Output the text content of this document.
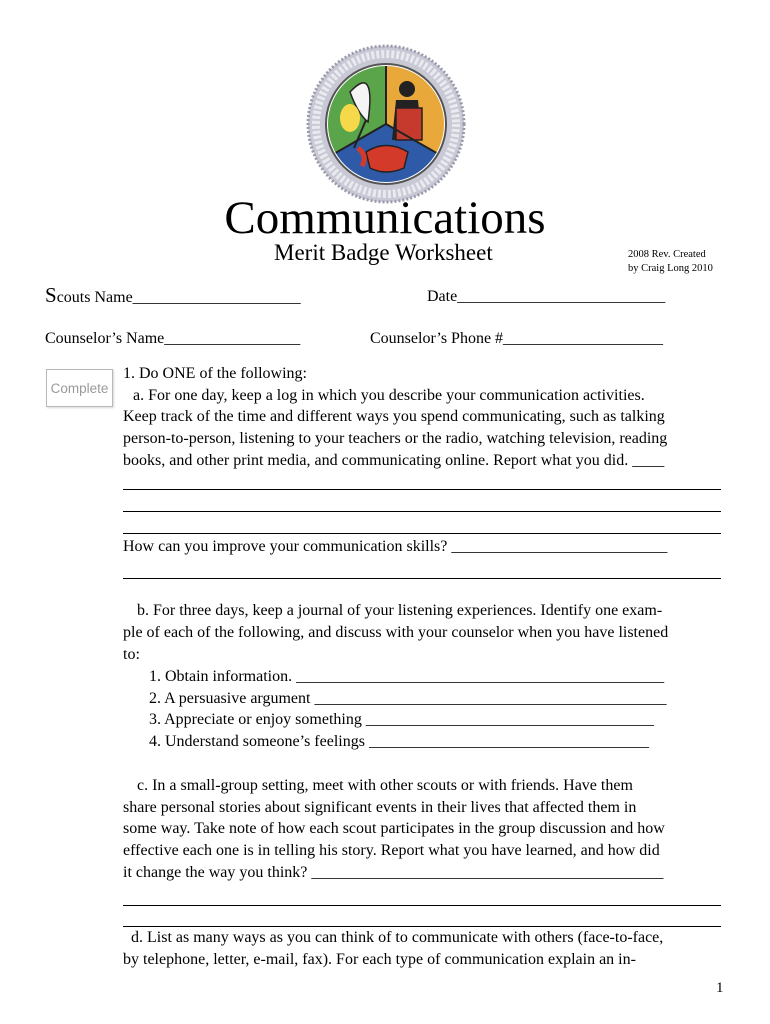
Communications
Merit Badge Worksheet	2008 Rev. Created
by Craig Long 2010
Scouts Name_____________________	Date__________________________
Counselor’s Name_________________	Counselor’s Phone #____________________
Complete
1. Do ONE of the following:
a. For one day, keep a log in which you describe your communication activities.
Keep track of the time and different ways you spend communicating, such as talking
person-to-person, listening to your teachers or the radio, watching television, reading
books, and other print media, and communicating online. Report what you did. ____
How can you improve your communication skills? ___________________________
b. For three days, keep a journal of your listening experiences. Identify one exam-
ple of each of the following, and discuss with your counselor when you have listened
to:
1. Obtain information. ______________________________________________
2. A persuasive argument ____________________________________________
3. Appreciate or enjoy something ____________________________________
4. Understand someone’s feelings ___________________________________
c. In a small-group setting, meet with other scouts or with friends. Have them
share personal stories about significant events in their lives that affected them in
some way. Take note of how each scout participates in the group discussion and how
effective each one is in telling his story. Report what you have learned, and how did
it change the way you think? ____________________________________________
d. List as many ways as you can think of to communicate with others (face-to-face,
by telephone, letter, e-mail, fax). For each type of communication explain an in-
1
